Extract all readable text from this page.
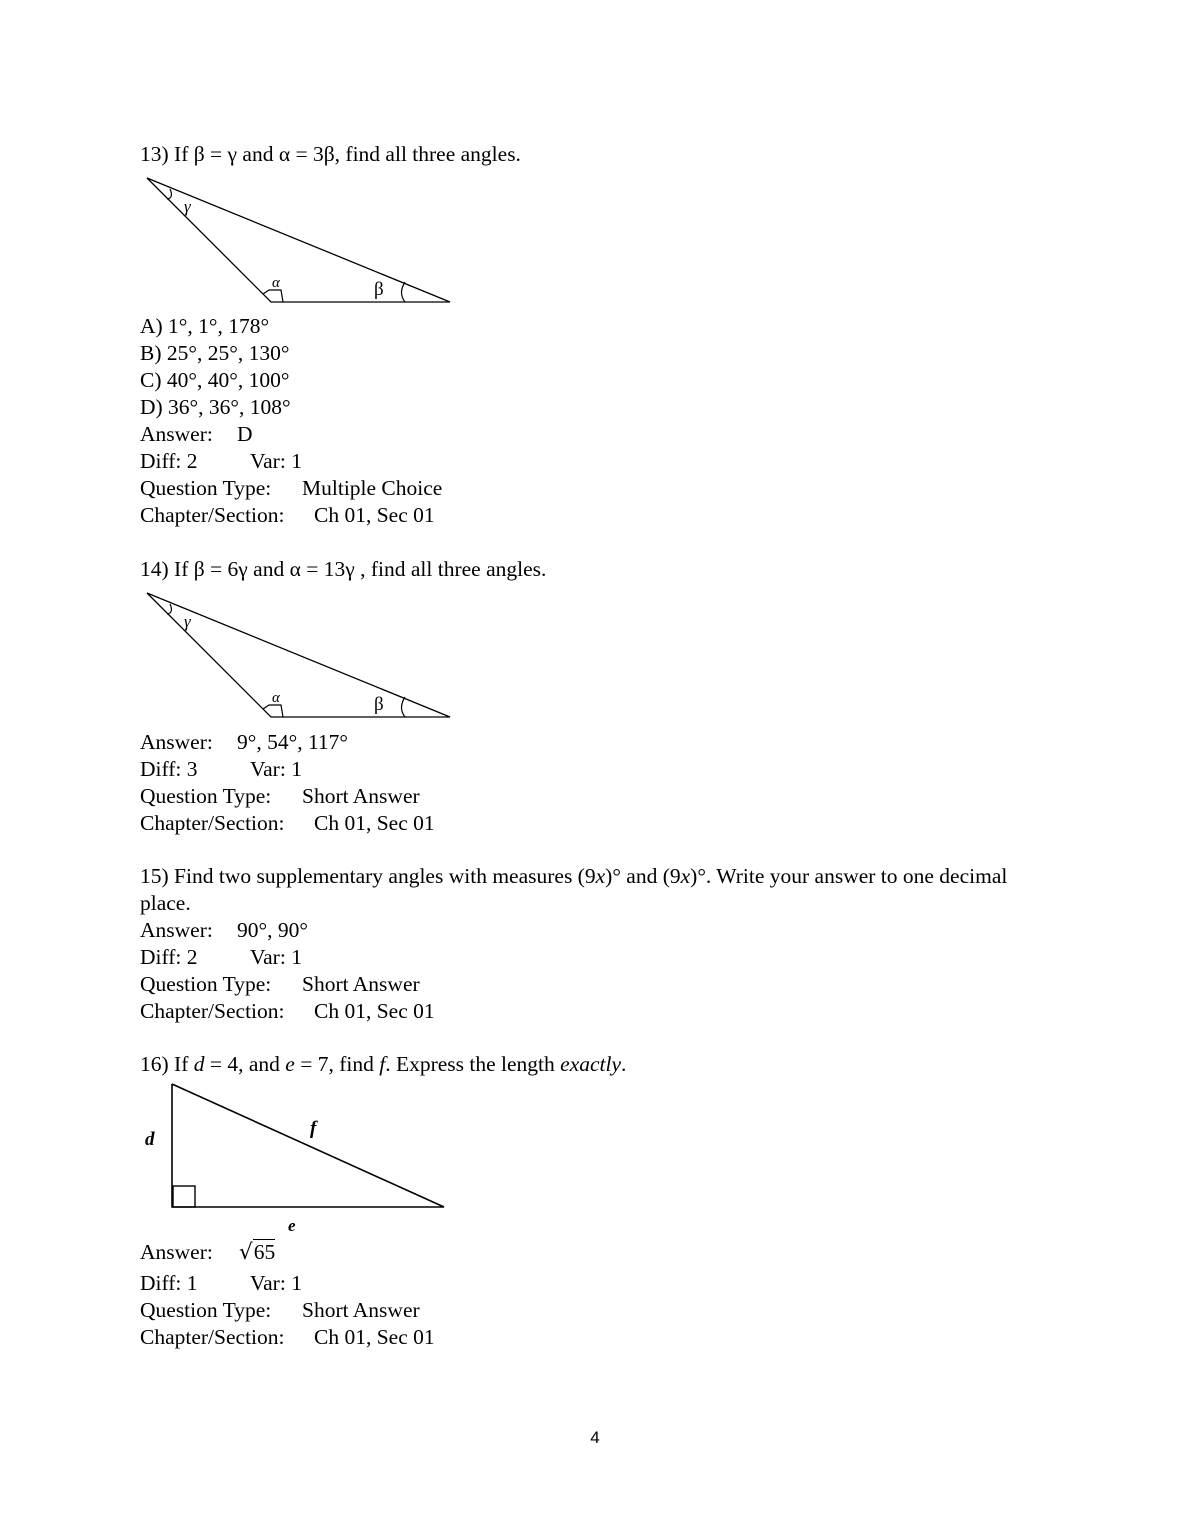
13) If β = γ and α = 3β, find all three angles.
γ
α	β
A) 1°, 1°, 178°
B) 25°, 25°, 130°
C) 40°, 40°, 100°
D) 36°, 36°, 108°
Answer: D
Diff: 2 Var: 1
Question Type: Multiple Choice
Chapter/Section: Ch 01, Sec 01
14) If β = 6γ and α = 13γ , find all three angles.
γ
α	β
Answer: 9°, 54°, 117°
Diff: 3 Var: 1
Question Type: Short Answer
Chapter/Section: Ch 01, Sec 01
15) Find two supplementary angles with measures (9x)° and (9x)°. Write your answer to one decimal place.
Answer: 90°, 90°
Diff: 2 Var: 1
Question Type: Short Answer
Chapter/Section: Ch 01, Sec 01
16) If d = 4, and e = 7, find f. Express the length exactly.
d
f
e
Answer: √65
Diff: 1 Var: 1
Question Type: Short Answer
Chapter/Section: Ch 01, Sec 01
4
